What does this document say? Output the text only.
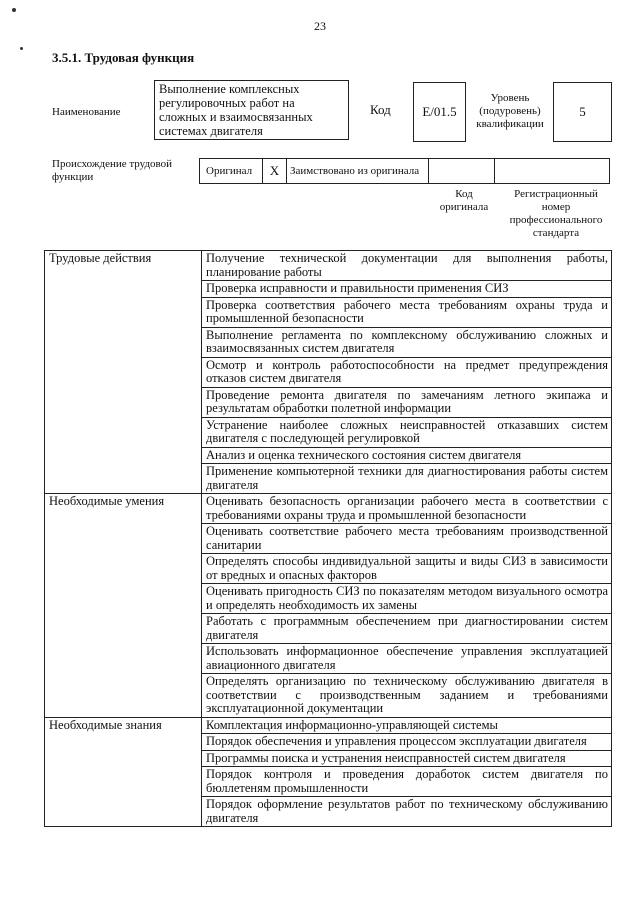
23
3.5.1. Трудовая функция
Наименование
Выполнение комплексных регулировочных работ на сложных и взаимосвязанных системах двигателя
Код	E/01.5
Уровень (подуровень) квалификации
5
Происхождение трудовой функции	Оригинал	X Заимствовано из оригинала
Код оригинала
Регистрационный номер профессионального стандарта
Трудовые действия	Получение технической документации для выполнения работы, планирование работы
	Проверка исправности и правильности применения СИЗ
	Проверка соответствия рабочего места требованиям охраны труда и промышленной безопасности
	Выполнение регламента по комплексному обслуживанию сложных и взаимосвязанных систем двигателя
	Осмотр и контроль работоспособности на предмет предупреждения отказов систем двигателя
	Проведение ремонта двигателя по замечаниям летного экипажа и результатам обработки полетной информации
	Устранение наиболее сложных неисправностей отказавших систем двигателя с последующей регулировкой
	Анализ и оценка технического состояния систем двигателя
	Применение компьютерной техники для диагностирования работы систем двигателя
Необходимые умения	Оценивать безопасность организации рабочего места в соответствии с требованиями охраны труда и промышленной безопасности
	Оценивать соответствие рабочего места требованиям производственной санитарии
	Определять способы индивидуальной защиты и виды СИЗ в зависимости от вредных и опасных факторов
	Оценивать пригодность СИЗ по показателям методом визуального осмотра и определять необходимость их замены
	Работать с программным обеспечением при диагностировании систем двигателя
	Использовать информационное обеспечение управления эксплуатацией авиационного двигателя
	Определять организацию по техническому обслуживанию двигателя в соответствии с производственным заданием и требованиями эксплуатационной документации
Необходимые знания	Комплектация информационно-управляющей системы
	Порядок обеспечения и управления процессом эксплуатации двигателя
	Программы поиска и устранения неисправностей систем двигателя
	Порядок контроля и проведения доработок систем двигателя по бюллетеням промышленности
	Порядок оформление результатов работ по техническому обслуживанию двигателя
